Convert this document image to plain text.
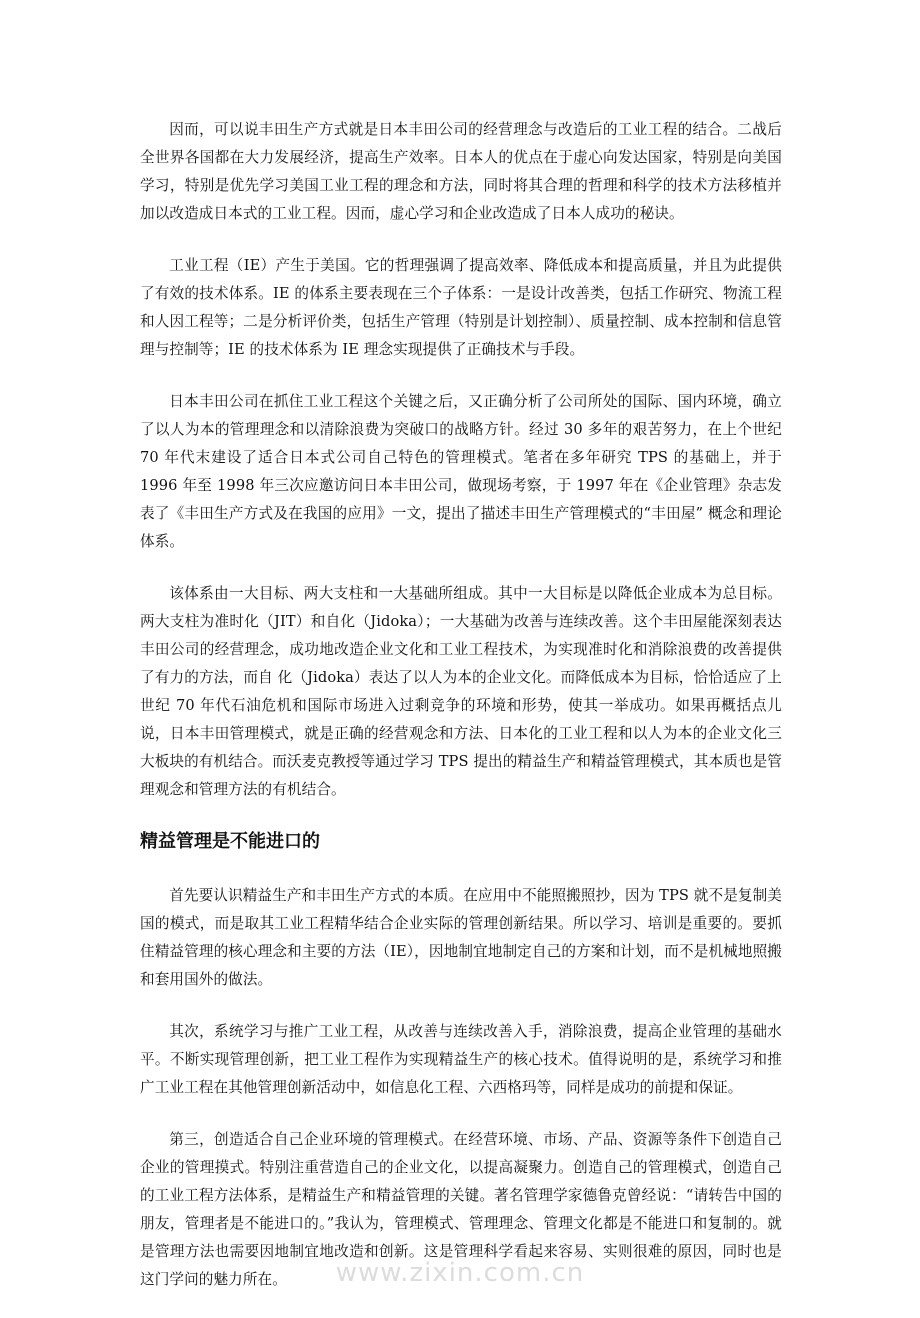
因而，可以说丰田生产方式就是日本丰田公司的经营理念与改造后的工业工程的结合。二战后全世界各国都在大力发展经济，提高生产效率。日本人的优点在于虚心向发达国家，特别是向美国学习，特别是优先学习美国工业工程的理念和方法，同时将其合理的哲理和科学的技术方法移植并加以改造成日本式的工业工程。因而，虚心学习和企业改造成了日本人成功的秘诀。

工业工程（IE）产生于美国。它的哲理强调了提高效率、降低成本和提高质量，并且为此提供了有效的技术体系。IE 的体系主要表现在三个子体系：一是设计改善类，包括工作研究、物流工程和人因工程等；二是分析评价类，包括生产管理（特别是计划控制）、质量控制、成本控制和信息管理与控制等；IE 的技术体系为 IE 理念实现提供了正确技术与手段。

日本丰田公司在抓住工业工程这个关键之后，又正确分析了公司所处的国际、国内环境，确立了以人为本的管理理念和以清除浪费为突破口的战略方针。经过 30 多年的艰苦努力，在上个世纪 70 年代末建设了适合日本式公司自己特色的管理模式。笔者在多年研究 TPS 的基础上，并于 1996 年至 1998 年三次应邀访问日本丰田公司，做现场考察，于 1997 年在《企业管理》杂志发表了《丰田生产方式及在我国的应用》一文，提出了描述丰田生产管理模式的“丰田屋” 概念和理论体系。

该体系由一大目标、两大支柱和一大基础所组成。其中一大目标是以降低企业成本为总目标。两大支柱为准时化（JIT）和自化（Jidoka）；一大基础为改善与连续改善。这个丰田屋能深刻表达丰田公司的经营理念，成功地改造企业文化和工业工程技术，为实现准时化和消除浪费的改善提供了有力的方法，而自 化（Jidoka）表达了以人为本的企业文化。而降低成本为目标，恰恰适应了上世纪 70 年代石油危机和国际市场进入过剩竞争的环境和形势，使其一举成功。如果再概括点儿说，日本丰田管理模式，就是正确的经营观念和方法、日本化的工业工程和以人为本的企业文化三大板块的有机结合。而沃麦克教授等通过学习 TPS 提出的精益生产和精益管理模式，其本质也是管理观念和管理方法的有机结合。

精益管理是不能进口的

首先要认识精益生产和丰田生产方式的本质。在应用中不能照搬照抄，因为 TPS 就不是复制美国的模式，而是取其工业工程精华结合企业实际的管理创新结果。所以学习、培训是重要的。要抓住精益管理的核心理念和主要的方法（IE），因地制宜地制定自己的方案和计划，而不是机械地照搬和套用国外的做法。

其次，系统学习与推广工业工程，从改善与连续改善入手，消除浪费，提高企业管理的基础水平。不断实现管理创新，把工业工程作为实现精益生产的核心技术。值得说明的是，系统学习和推广工业工程在其他管理创新活动中，如信息化工程、六西格玛等，同样是成功的前提和保证。

第三，创造适合自己企业环境的管理模式。在经营环境、市场、产品、资源等条件下创造自己企业的管理摸式。特别注重营造自己的企业文化，以提高凝聚力。创造自己的管理模式，创造自己的工业工程方法体系，是精益生产和精益管理的关键。著名管理学家德鲁克曾经说：“请转告中国的朋友，管理者是不能进口的。”我认为，管理模式、管理理念、管理文化都是不能进口和复制的。就是管理方法也需要因地制宜地改造和创新。这是管理科学看起来容易、实则很难的原因，同时也是这门学问的魅力所在。	www.zixin.com.cn
